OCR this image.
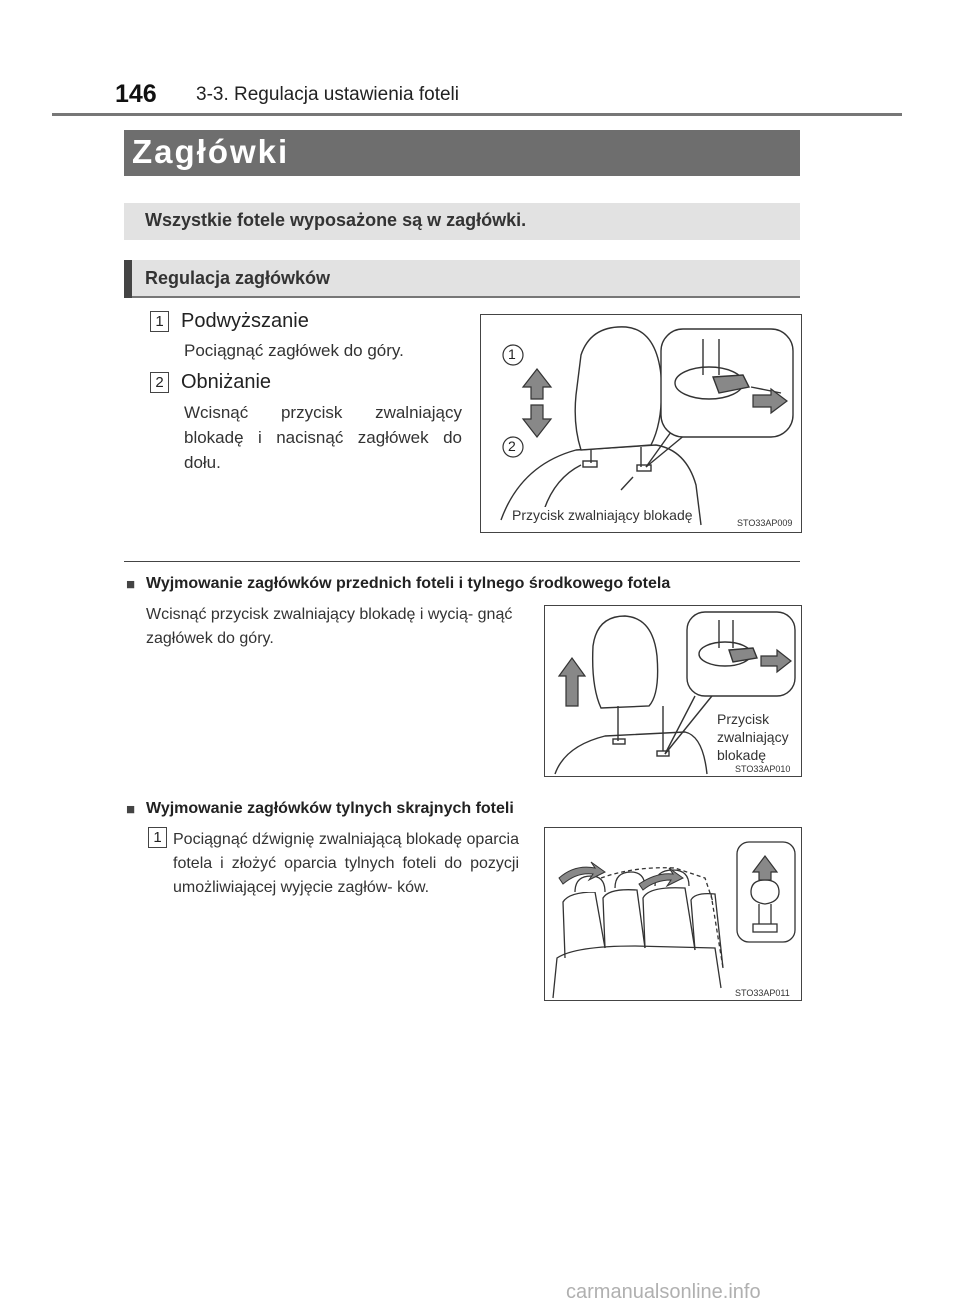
146 3-3. Regulacja ustawienia foteli
Zagłówki
Wszystkie fotele wyposażone są w zagłówki.
Regulacja zagłówków
1 Podwyższanie
Pociągnąć zagłówek do góry.
2 Obniżanie
Wcisnąć przycisk zwalniający blokadę i nacisnąć zagłówek do dołu.
1
2
Przycisk zwalniający blokadę	STO33AP009
■ Wyjmowanie zagłówków przednich foteli i tylnego środkowego fotela
Wcisnąć przycisk zwalniający blokadę i wycią- gnąć zagłówek do góry.
Przycisk
zwalniający
blokadę
STO33AP010
■ Wyjmowanie zagłówków tylnych skrajnych foteli
1 Pociągnąć dźwignię zwalniającą blokadę oparcia fotela i złożyć oparcia tylnych foteli do pozycji umożliwiającej wyjęcie zagłów- ków.
STO33AP011
carmanualsonline.info
